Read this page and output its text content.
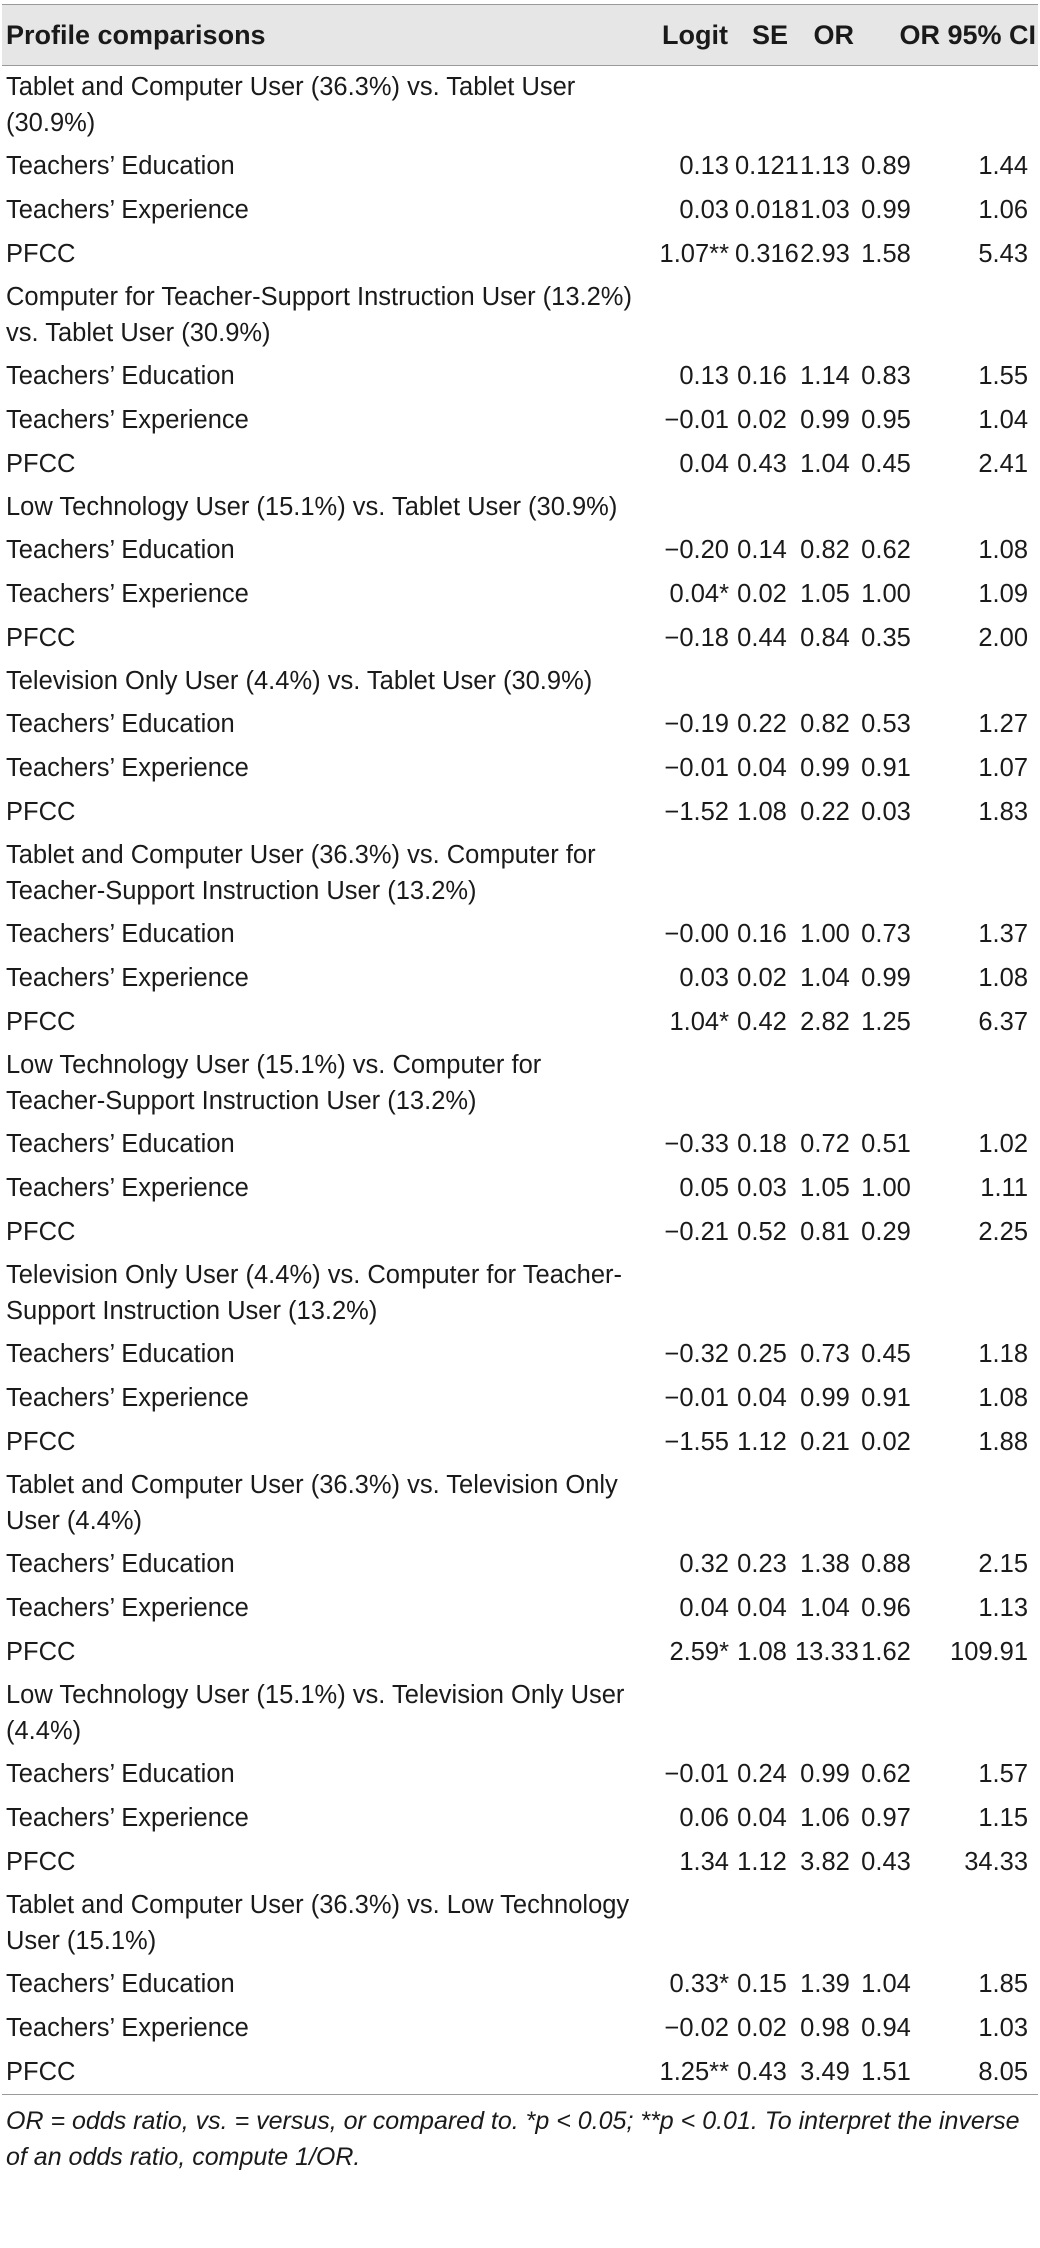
Profile comparisons	Logit	SE	OR	OR 95% CI	

Tablet and Computer User (36.3%) vs. Tablet User (30.9%)					

Teachers’ Education	0.13	0.121	1.13	0.89	1.44
Teachers’ Experience	0.03	0.018	1.03	0.99	1.06
PFCC	1.07**	0.316	2.93	1.58	5.43

Computer for Teacher-Support Instruction User (13.2%) vs. Tablet User (30.9%)					

Teachers’ Education	0.13	0.16	1.14	0.83	1.55
Teachers’ Experience	−0.01	0.02	0.99	0.95	1.04
PFCC	0.04	0.43	1.04	0.45	2.41

Low Technology User (15.1%) vs. Tablet User (30.9%)					

Teachers’ Education	−0.20	0.14	0.82	0.62	1.08
Teachers’ Experience	0.04*	0.02	1.05	1.00	1.09
PFCC	−0.18	0.44	0.84	0.35	2.00

Television Only User (4.4%) vs. Tablet User (30.9%)					

Teachers’ Education	−0.19	0.22	0.82	0.53	1.27
Teachers’ Experience	−0.01	0.04	0.99	0.91	1.07
PFCC	−1.52	1.08	0.22	0.03	1.83

Tablet and Computer User (36.3%) vs. Computer for Teacher-Support Instruction User (13.2%)					

Teachers’ Education	−0.00	0.16	1.00	0.73	1.37
Teachers’ Experience	0.03	0.02	1.04	0.99	1.08
PFCC	1.04*	0.42	2.82	1.25	6.37

Low Technology User (15.1%) vs. Computer for Teacher-Support Instruction User (13.2%)					

Teachers’ Education	−0.33	0.18	0.72	0.51	1.02
Teachers’ Experience	0.05	0.03	1.05	1.00	1.11
PFCC	−0.21	0.52	0.81	0.29	2.25

Television Only User (4.4%) vs. Computer for Teacher-Support Instruction User (13.2%)					

Teachers’ Education	−0.32	0.25	0.73	0.45	1.18
Teachers’ Experience	−0.01	0.04	0.99	0.91	1.08
PFCC	−1.55	1.12	0.21	0.02	1.88

Tablet and Computer User (36.3%) vs. Television Only User (4.4%)					

Teachers’ Education	0.32	0.23	1.38	0.88	2.15
Teachers’ Experience	0.04	0.04	1.04	0.96	1.13
PFCC	2.59*	1.08	13.33	1.62	109.91

Low Technology User (15.1%) vs. Television Only User (4.4%)					

Teachers’ Education	−0.01	0.24	0.99	0.62	1.57
Teachers’ Experience	0.06	0.04	1.06	0.97	1.15
PFCC	1.34	1.12	3.82	0.43	34.33

Tablet and Computer User (36.3%) vs. Low Technology User (15.1%)					

Teachers’ Education	0.33*	0.15	1.39	1.04	1.85
Teachers’ Experience	−0.02	0.02	0.98	0.94	1.03
PFCC	1.25**	0.43	3.49	1.51	8.05
OR = odds ratio, vs. = versus, or compared to. *p < 0.05; **p < 0.01. To interpret the inverse of an odds ratio, compute 1/OR.
